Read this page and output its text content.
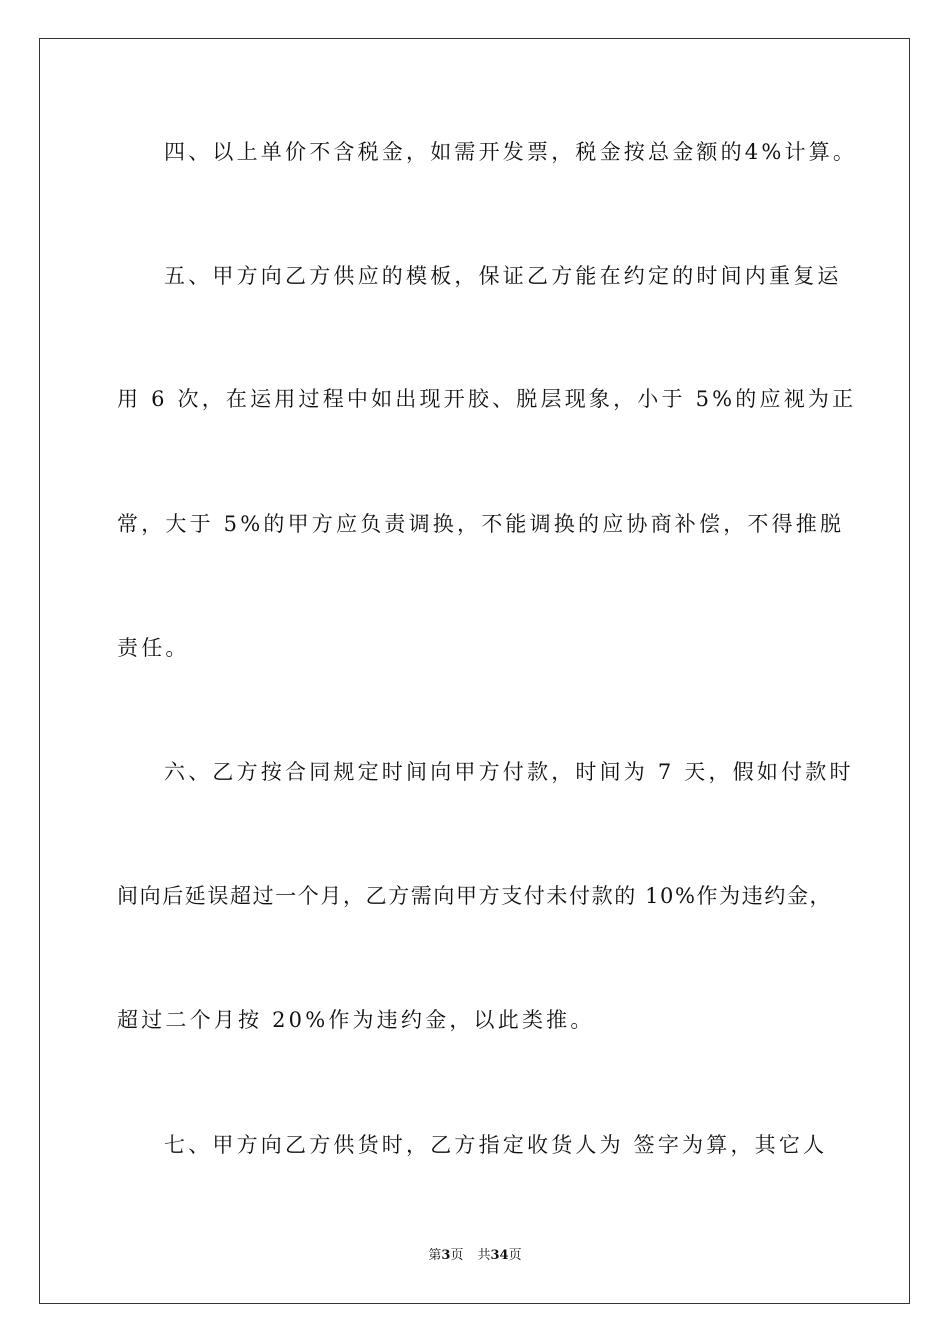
四、以上单价不含税金，如需开发票，税金按总金额的4%计算。
五、甲方向乙方供应的模板，保证乙方能在约定的时间内重复运
用 6 次，在运用过程中如出现开胶、脱层现象，小于 5%的应视为正
常，大于 5%的甲方应负责调换，不能调换的应协商补偿，不得推脱
责任。
六、乙方按合同规定时间向甲方付款，时间为 7 天，假如付款时
间向后延误超过一个月，乙方需向甲方支付未付款的 10%作为违约金，
超过二个月按 20%作为违约金，以此类推。
七、甲方向乙方供货时，乙方指定收货人为 签字为算，其它人
第3页 共34页
